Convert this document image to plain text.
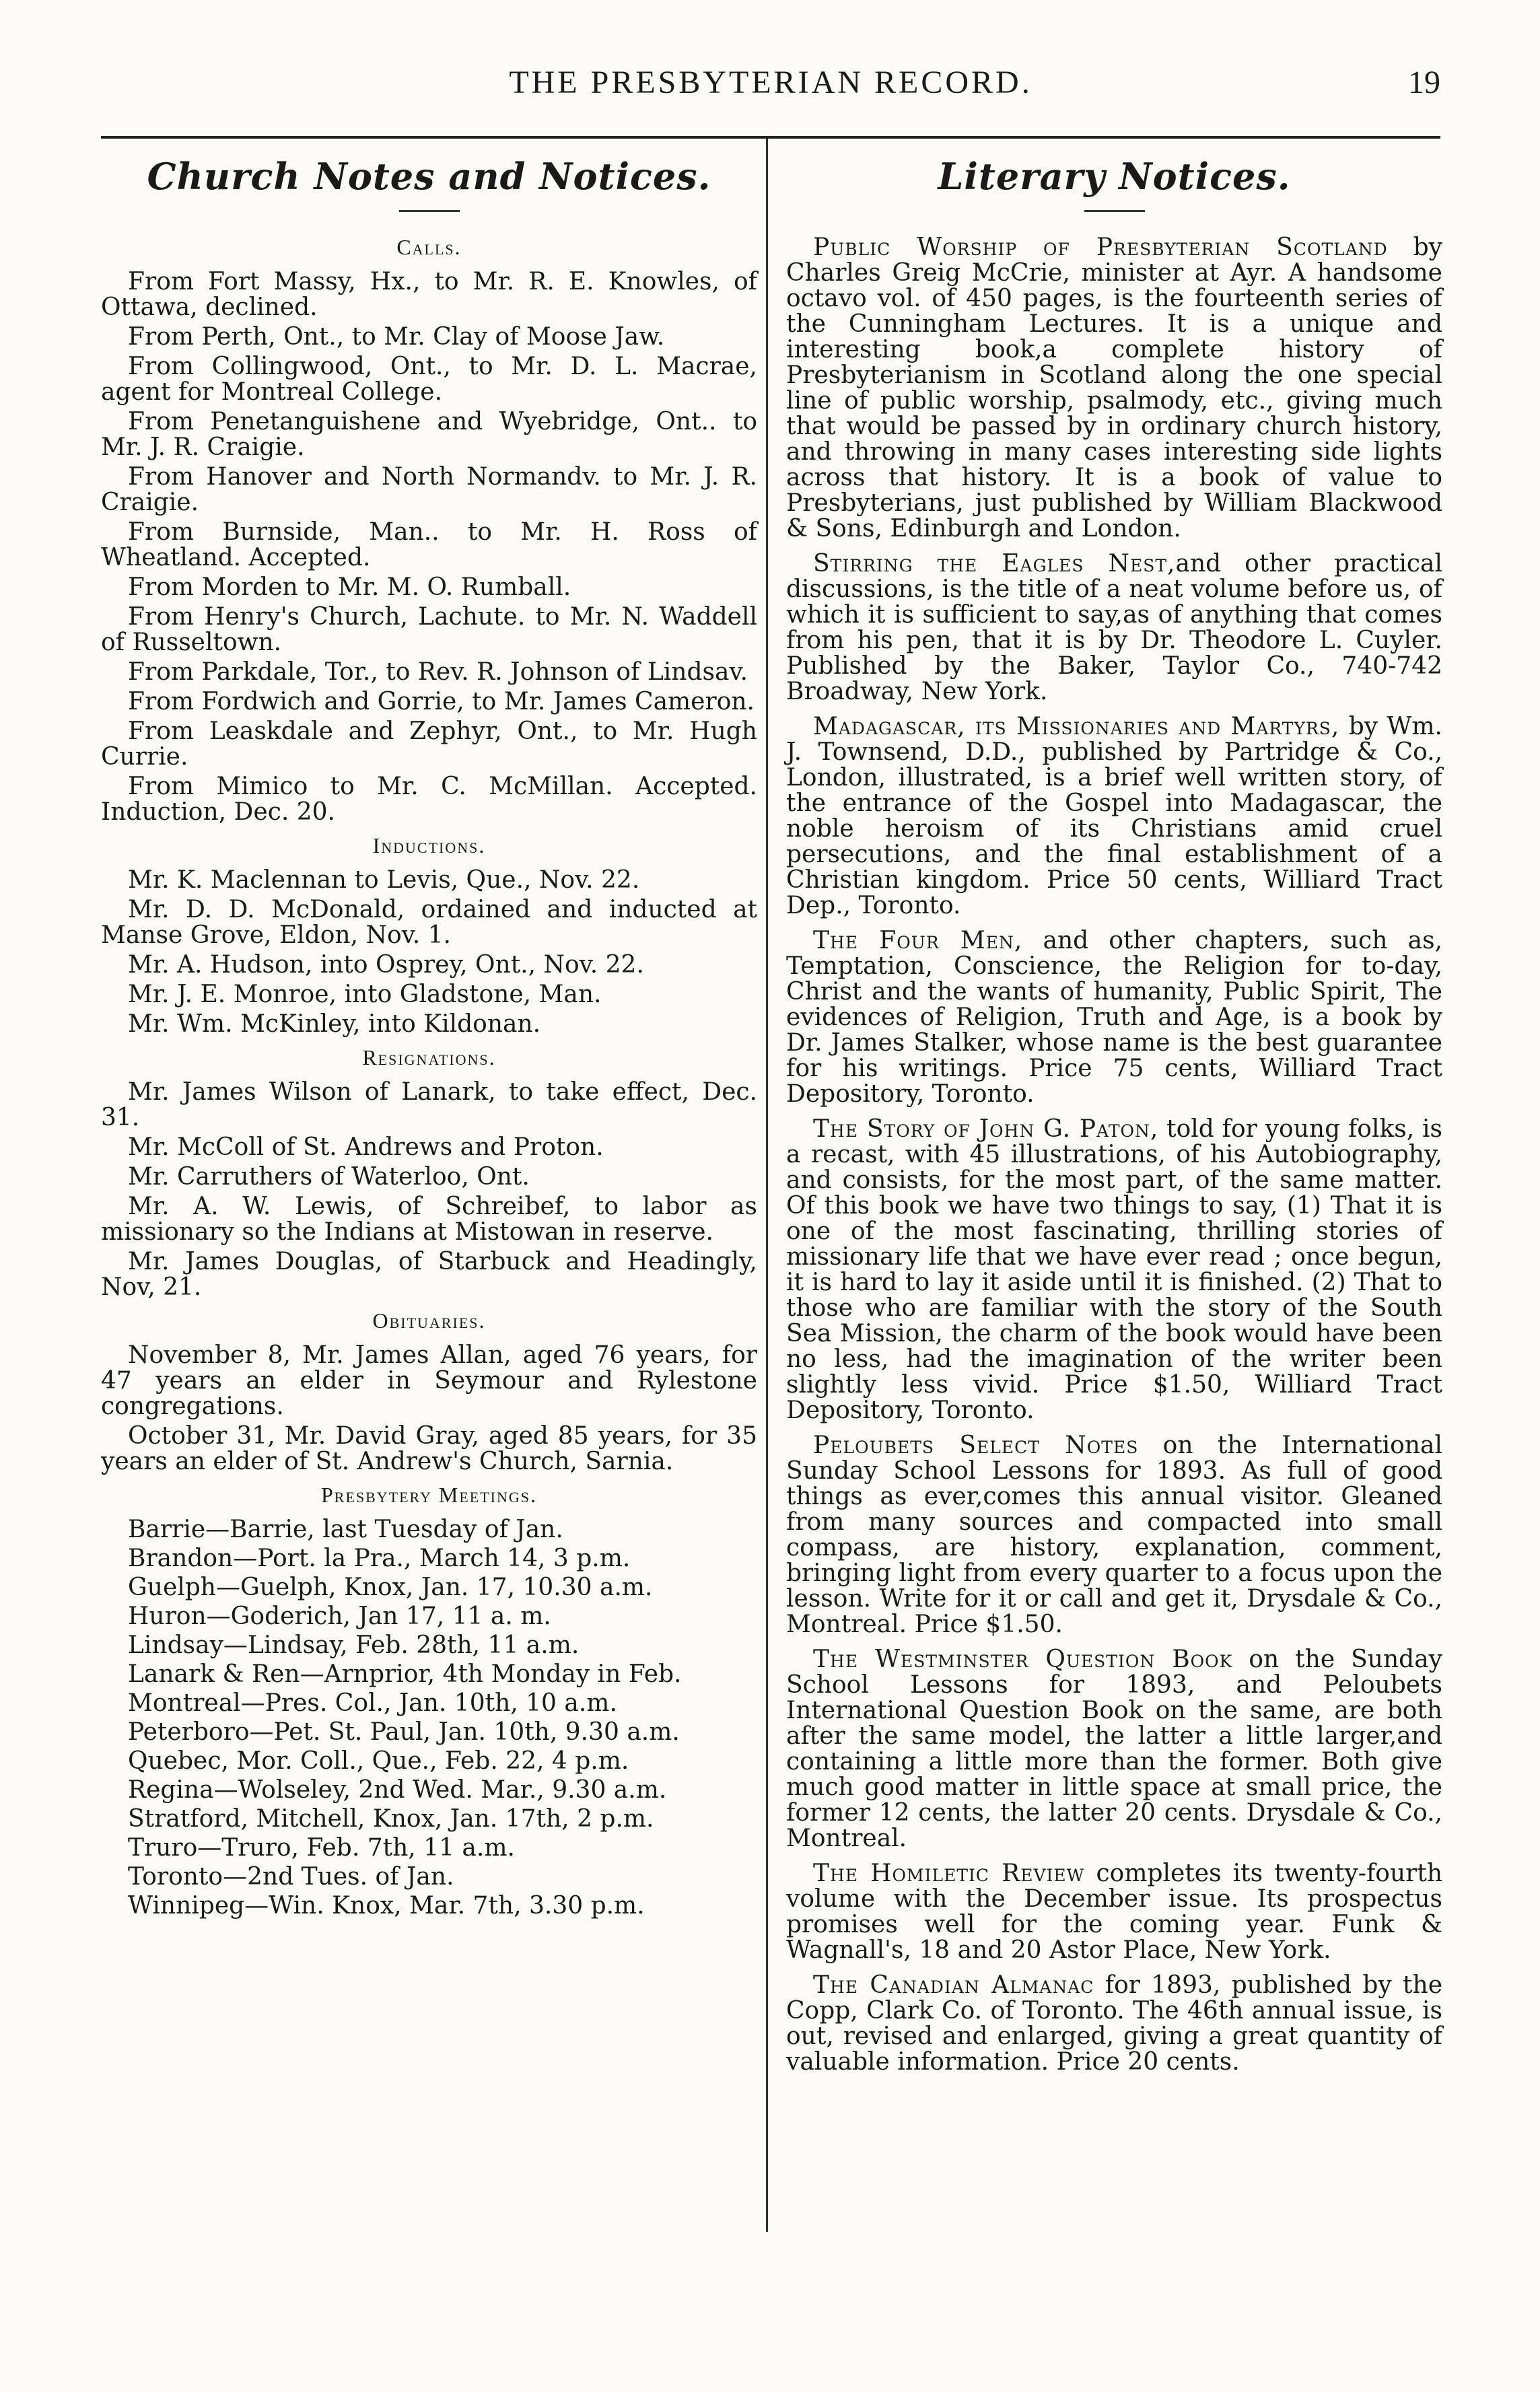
THE PRESBYTERIAN RECORD.	19
Church Notes and Notices.
Calls.

From Fort Massy, Hx., to Mr. R. E. Knowles, of Ottawa, declined.

From Perth, Ont., to Mr. Clay of Moose Jaw.

From Collingwood, Ont., to Mr. D. L. Macrae, agent for Montreal College.

From Penetanguishene and Wyebridge, Ont.. to Mr. J. R. Craigie.

From Hanover and North Normandv. to Mr. J. R. Craigie.

From Burnside, Man.. to Mr. H. Ross of Wheatland. Accepted.

From Morden to Mr. M. O. Rumball.

From Henry's Church, Lachute. to Mr. N. Waddell of Russeltown.

From Parkdale, Tor., to Rev. R. Johnson of Lindsav.

From Fordwich and Gorrie, to Mr. James Cameron.

From Leaskdale and Zephyr, Ont., to Mr. Hugh Currie.

From Mimico to Mr. C. McMillan. Accepted. Induction, Dec. 20.

Inductions.

Mr. K. Maclennan to Levis, Que., Nov. 22.

Mr. D. D. McDonald, ordained and inducted at Manse Grove, Eldon, Nov. 1.

Mr. A. Hudson, into Osprey, Ont., Nov. 22.

Mr. J. E. Monroe, into Gladstone, Man.

Mr. Wm. McKinley, into Kildonan.

Resignations.

Mr. James Wilson of Lanark, to take effect, Dec. 31.

Mr. McColl of St. Andrews and Proton.

Mr. Carruthers of Waterloo, Ont.

Mr. A. W. Lewis, of Schreibef, to labor as missionary so the Indians at Mistowan in reserve.

Mr. James Douglas, of Starbuck and Headingly, Nov, 21.

Obituaries.

November 8, Mr. James Allan, aged 76 years, for 47 years an elder in Seymour and Rylestone congregations.

October 31, Mr. David Gray, aged 85 years, for 35 years an elder of St. Andrew's Church, Sarnia.

Presbytery Meetings.
Barrie—Barrie, last Tuesday of Jan.
Brandon—Port. la Pra., March 14, 3 p.m.
Guelph—Guelph, Knox, Jan. 17, 10.30 a.m.
Huron—Goderich, Jan 17, 11 a. m.
Lindsay—Lindsay, Feb. 28th, 11 a.m.
Lanark & Ren—Arnprior, 4th Monday in Feb.
Montreal—Pres. Col., Jan. 10th, 10 a.m.
Peterboro—Pet. St. Paul, Jan. 10th, 9.30 a.m.
Quebec, Mor. Coll., Que., Feb. 22, 4 p.m.
Regina—Wolseley, 2nd Wed. Mar., 9.30 a.m.
Stratford, Mitchell, Knox, Jan. 17th, 2 p.m.
Truro—Truro, Feb. 7th, 11 a.m.
Toronto—2nd Tues. of Jan.
Winnipeg—Win. Knox, Mar. 7th, 3.30 p.m.
Literary Notices.

Public Worship of Presbyterian Scotland by Charles Greig McCrie, minister at Ayr. A handsome octavo vol. of 450 pages, is the fourteenth series of the Cunningham Lectures. It is a unique and interesting book,a complete history of Presbyterianism in Scotland along the one special line of public worship, psalmody, etc., giving much that would be passed by in ordinary church history, and throwing in many cases interesting side lights across that history. It is a book of value to Presbyterians, just published by William Blackwood & Sons, Edinburgh and London.

Stirring the Eagles Nest,and other practical discussions, is the title of a neat volume before us, of which it is sufficient to say,as of anything that comes from his pen, that it is by Dr. Theodore L. Cuyler. Published by the Baker, Taylor Co., 740-742 Broadway, New York.

Madagascar, its Missionaries and Martyrs, by Wm. J. Townsend, D.D., published by Partridge & Co., London, illustrated, is a brief well written story, of the entrance of the Gospel into Madagascar, the noble heroism of its Christians amid cruel persecutions, and the final establishment of a Christian kingdom. Price 50 cents, Williard Tract Dep., Toronto.

The Four Men, and other chapters, such as, Temptation, Conscience, the Religion for to-day, Christ and the wants of humanity, Public Spirit, The evidences of Religion, Truth and Age, is a book by Dr. James Stalker, whose name is the best guarantee for his writings. Price 75 cents, Williard Tract Depository, Toronto.

The Story of John G. Paton, told for young folks, is a recast, with 45 illustrations, of his Autobiography, and consists, for the most part, of the same matter. Of this book we have two things to say, (1) That it is one of the most fascinating, thrilling stories of missionary life that we have ever read ; once begun, it is hard to lay it aside until it is finished. (2) That to those who are familiar with the story of the South Sea Mission, the charm of the book would have been no less, had the imagination of the writer been slightly less vivid. Price $1.50, Williard Tract Depository, Toronto.

Peloubets Select Notes on the International Sunday School Lessons for 1893. As full of good things as ever,comes this annual visitor. Gleaned from many sources and compacted into small compass, are history, explanation, comment, bringing light from every quarter to a focus upon the lesson. Write for it or call and get it, Drysdale & Co., Montreal. Price $1.50.

The Westminster Question Book on the Sunday School Lessons for 1893, and Peloubets International Question Book on the same, are both after the same model, the latter a little larger,and containing a little more than the former. Both give much good matter in little space at small price, the former 12 cents, the latter 20 cents. Drysdale & Co., Montreal.

The Homiletic Review completes its twenty-fourth volume with the December issue. Its prospectus promises well for the coming year. Funk & Wagnall's, 18 and 20 Astor Place, New York.

The Canadian Almanac for 1893, published by the Copp, Clark Co. of Toronto. The 46th annual issue, is out, revised and enlarged, giving a great quantity of valuable information. Price 20 cents.
